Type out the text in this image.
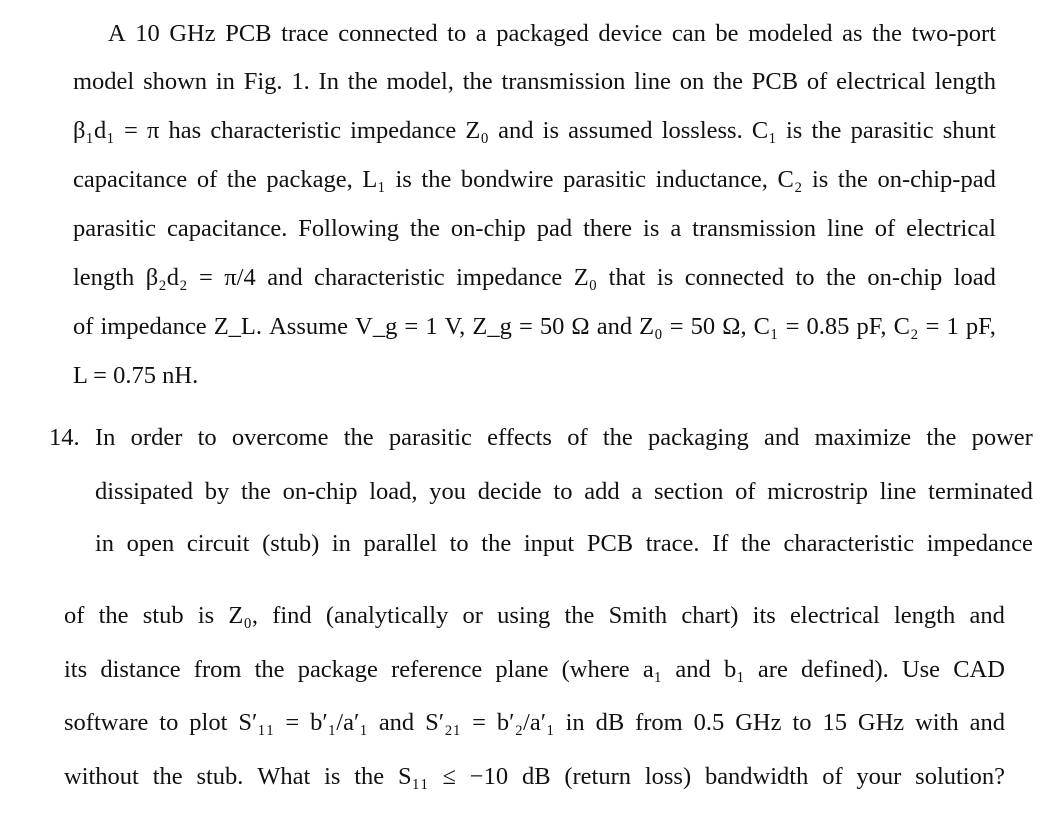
A 10 GHz PCB trace connected to a packaged device can be modeled as the two-port
model shown in Fig. 1. In the model, the transmission line on the PCB of electrical length
β₁d₁ = π has characteristic impedance Z₀ and is assumed lossless. C₁ is the parasitic shunt
capacitance of the package, L₁ is the bondwire parasitic inductance, C₂ is the on-chip-pad
parasitic capacitance. Following the on-chip pad there is a transmission line of electrical
length β₂d₂ = π/4 and characteristic impedance Z₀ that is connected to the on-chip load
of impedance Z_L. Assume V_g = 1 V, Z_g = 50 Ω and Z₀ = 50 Ω, C₁ = 0.85 pF, C₂ = 1 pF,
L = 0.75 nH.
14. In order to overcome the parasitic effects of the packaging and maximize the power
dissipated by the on-chip load, you decide to add a section of microstrip line terminated
in open circuit (stub) in parallel to the input PCB trace. If the characteristic impedance
of the stub is Z₀, find (analytically or using the Smith chart) its electrical length and
its distance from the package reference plane (where a₁ and b₁ are defined). Use CAD
software to plot S′₁₁ = b′₁/a′₁ and S′₂₁ = b′₂/a′₁ in dB from 0.5 GHz to 15 GHz with and
without the stub. What is the S₁₁ ≤ −10 dB (return loss) bandwidth of your solution?
